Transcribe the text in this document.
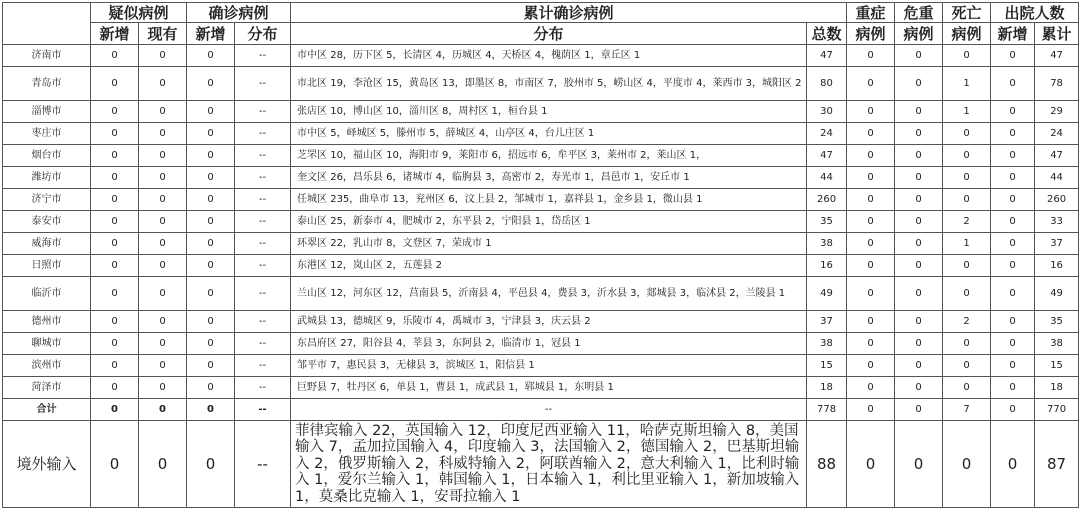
	疑似病例		确诊病例		累计确诊病例		重症	危重	死亡	出院人数	
	新增	现有	新增	分布	分布	总数	病例	病例	病例	新增	累计
济南市	0	0	0	--	市中区 28，历下区 5，长清区 4，历城区 4，天桥区 4，槐荫区 1，章丘区 1	47	0	0	0	0	47
青岛市	0	0	0	--	市北区 19，李沧区 15，黄岛区 13，即墨区 8，市南区 7，胶州市 5，崂山区 4，平度市 4，莱西市 3，城阳区 2	80	0	0	1	0	78
淄博市	0	0	0	--	张店区 10，博山区 10，淄川区 8，周村区 1，桓台县 1	30	0	0	1	0	29
枣庄市	0	0	0	--	市中区 5，峄城区 5，滕州市 5，薛城区 4，山亭区 4，台儿庄区 1	24	0	0	0	0	24
烟台市	0	0	0	--	芝罘区 10，福山区 10，海阳市 9，莱阳市 6，招远市 6，牟平区 3，莱州市 2，莱山区 1，	47	0	0	0	0	47
潍坊市	0	0	0	--	奎文区 26，昌乐县 6，诸城市 4，临朐县 3，高密市 2，寿光市 1，昌邑市 1，安丘市 1	44	0	0	0	0	44
济宁市	0	0	0	--	任城区 235，曲阜市 13，兖州区 6，汶上县 2，邹城市 1，嘉祥县 1，金乡县 1，微山县 1	260	0	0	0	0	260
泰安市	0	0	0	--	泰山区 25，新泰市 4，肥城市 2，东平县 2，宁阳县 1，岱岳区 1	35	0	0	2	0	33
威海市	0	0	0	--	环翠区 22，乳山市 8，文登区 7，荣成市 1	38	0	0	1	0	37
日照市	0	0	0	--	东港区 12，岚山区 2，五莲县 2	16	0	0	0	0	16
临沂市	0	0	0	--	兰山区 12，河东区 12，莒南县 5，沂南县 4，平邑县 4，费县 3，沂水县 3，郯城县 3，临沭县 2，兰陵县 1	49	0	0	0	0	49
德州市	0	0	0	--	武城县 13，德城区 9，乐陵市 4，禹城市 3，宁津县 3，庆云县 2	37	0	0	2	0	35
聊城市	0	0	0	--	东昌府区 27，阳谷县 4，莘县 3，东阿县 2，临清市 1，冠县 1	38	0	0	0	0	38
滨州市	0	0	0	--	邹平市 7，惠民县 3，无棣县 3，滨城区 1，阳信县 1	15	0	0	0	0	15
菏泽市	0	0	0	--	巨野县 7，牡丹区 6，单县 1，曹县 1，成武县 1，郓城县 1，东明县 1	18	0	0	0	0	18
合计	0	0	0	--	--	778	0	0	7	0	770
境外输入	0	0	0	--	菲律宾输入 22，英国输入 12，印度尼西亚输入 11，哈萨克斯坦输入 8，美国输入 7，孟加拉国输入 4，印度输入 3，法国输入 2，德国输入 2，巴基斯坦输入 2，俄罗斯输入 2，科威特输入 2，阿联酋输入 2，意大利输入 1，比利时输入 1，爱尔兰输入 1，韩国输入 1，日本输入 1，利比里亚输入 1，新加坡输入 1，莫桑比克输入 1，安哥拉输入 1	88	0	0	0	0	87
